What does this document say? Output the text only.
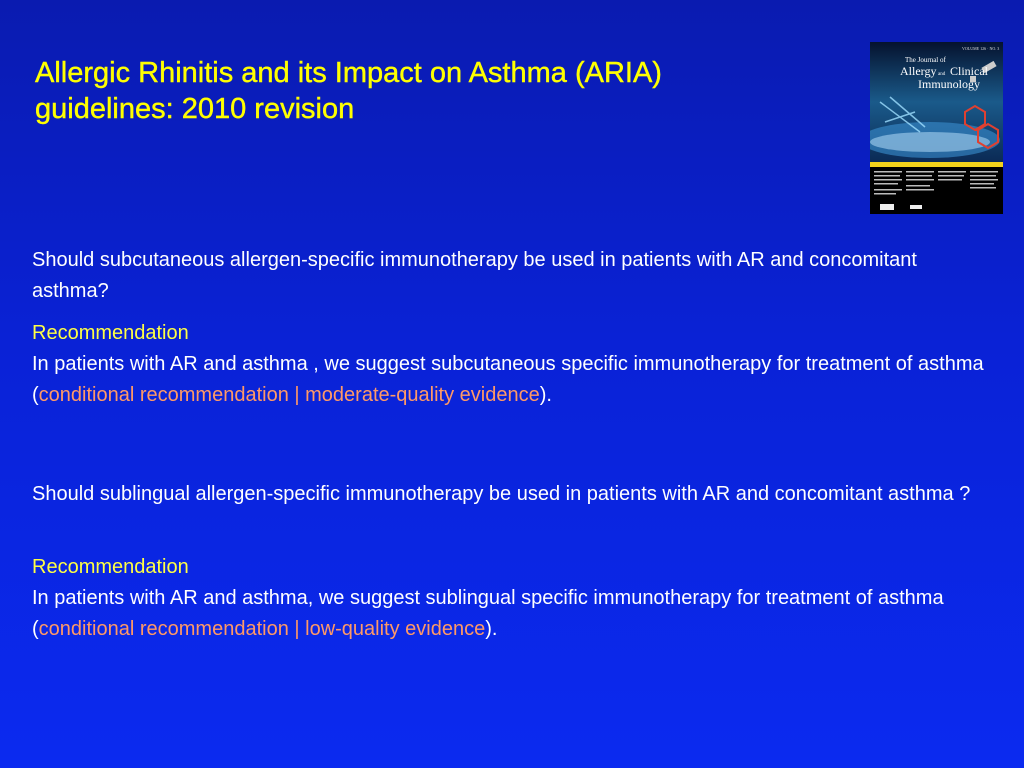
Allergic Rhinitis and its Impact on Asthma (ARIA)
guidelines: 2010 revision
VOLUME 126 · NO. 3
The Journal of
Allergy and Clinical
Immunology

Should subcutaneous allergen-specific immunotherapy be used in patients with AR and concomitant asthma?

Recommendation

In patients with AR and asthma , we suggest subcutaneous specific immunotherapy for treatment of asthma (conditional recommendation | moderate-quality evidence).

Should sublingual allergen-specific immunotherapy be used in patients with AR and concomitant asthma ?

Recommendation

In patients with AR and asthma, we suggest sublingual specific immunotherapy for treatment of asthma (conditional recommendation | low-quality evidence).
